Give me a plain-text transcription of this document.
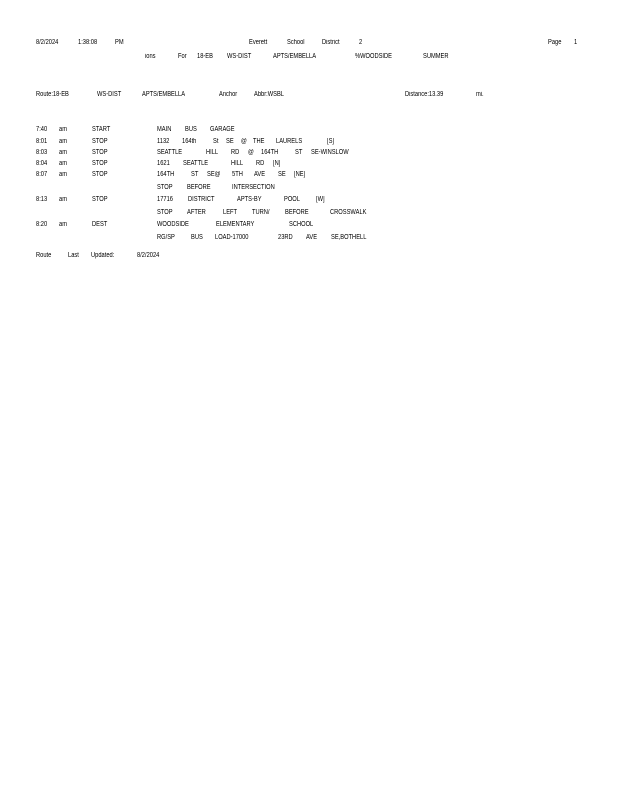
8/2/2024	1:38:08	PM	Everett	School District	2	Page 1
ions	For 18-EB WS-DIST	APTS/EMBELLA	%WOODSIDE	SUMMER
Route:18-EB	WS-DIST	APTS/EMBELLA	Anchor Abbr:WSBL	Distance:13.39	mi.
7:40 am	START	MAIN BUS GARAGE
8:01 am	STOP	1132 164th St SE @ THE LAURELS	[S]
8:03 am	STOP	SEATTLE	HILL RD @ 164TH ST SE-WINSLOW
8:04 am	STOP	1621 SEATTLE	HILL RD [N]
8:07 am	STOP	164TH ST SE@ 5TH AVE SE [NE]
STOP BEFORE	INTERSECTION
8:13 am	STOP	17716 DISTRICT	APTS-BY	POOL [W]
STOP AFTER LEFT TURN/ BEFORE	CROSSWALK
8:20 am	DEST	WOODSIDE	ELEMENTARY	SCHOOL
RG/SP BUS LOAD-17000	23RD AVE SE,BOTHELL
Route Last Updated:	8/2/2024
